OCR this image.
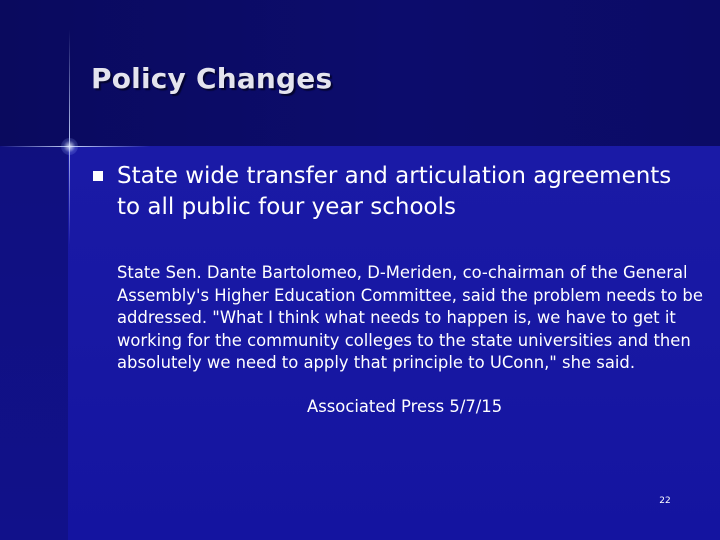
Policy Changes
State wide transfer and articulation agreements to all public four year schools
State Sen. Dante Bartolomeo, D-Meriden, co-chairman of the General Assembly's Higher Education Committee, said the problem needs to be addressed. "What I think what needs to happen is, we have to get it working for the community colleges to the state universities and then absolutely we need to apply that principle to UConn," she said.
Associated Press 5/7/15
22
